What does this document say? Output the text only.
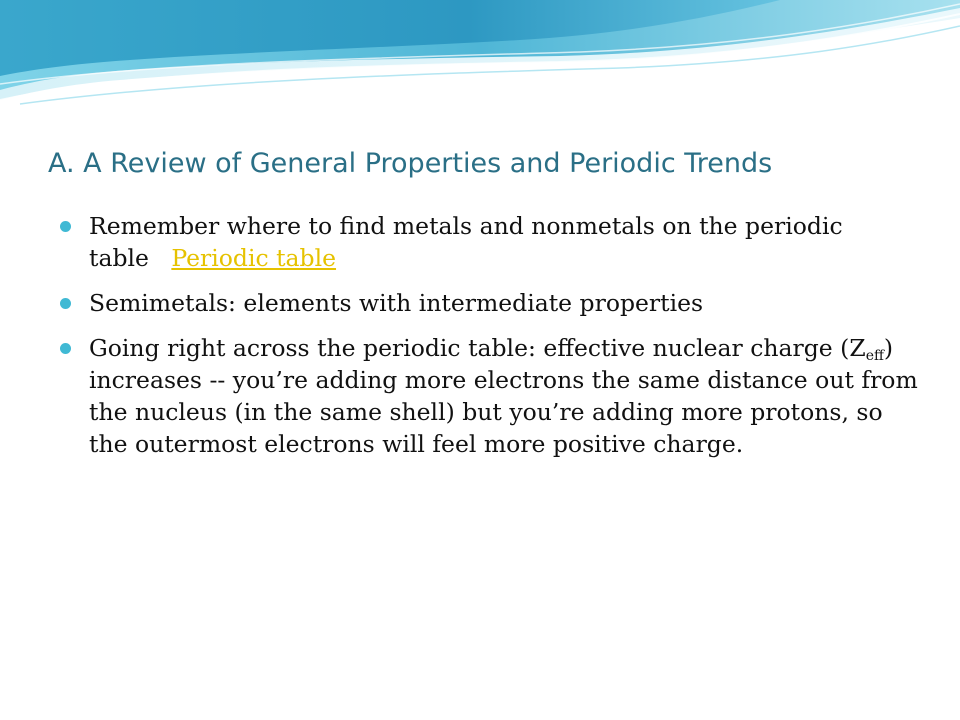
A. A Review of General Properties and Periodic Trends
Remember where to find metals and nonmetals on the periodic table Periodic table
Semimetals: elements with intermediate properties
Going right across the periodic table: effective nuclear charge $(Z_{eff})$ increases -- you’re adding more electrons the same distance out from the nucleus (in the same shell) but you’re adding more protons, so the outermost electrons will feel more positive charge.
